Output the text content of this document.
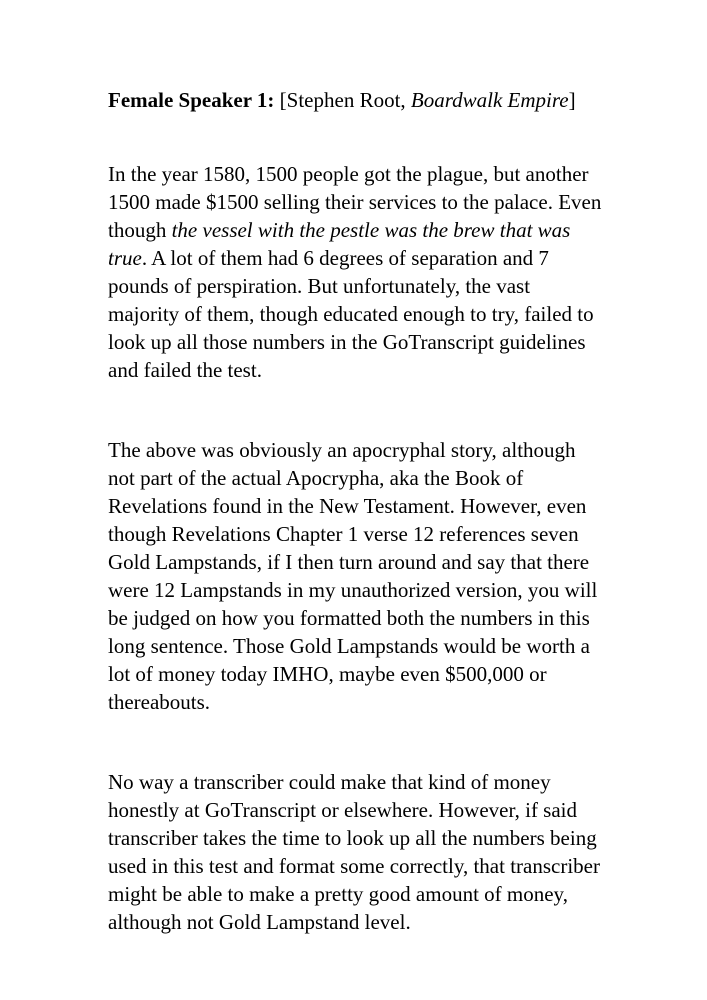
Female Speaker 1: [Stephen Root, Boardwalk Empire]

In the year 1580, 1500 people got the plague, but another 1500 made $1500 selling their services to the palace. Even though the vessel with the pestle was the brew that was true. A lot of them had 6 degrees of separation and 7 pounds of perspiration. But unfortunately, the vast majority of them, though educated enough to try, failed to look up all those numbers in the GoTranscript guidelines and failed the test.

The above was obviously an apocryphal story, although not part of the actual Apocrypha, aka the Book of Revelations found in the New Testament. However, even though Revelations Chapter 1 verse 12 references seven Gold Lampstands, if I then turn around and say that there were 12 Lampstands in my unauthorized version, you will be judged on how you formatted both the numbers in this long sentence. Those Gold Lampstands would be worth a lot of money today IMHO, maybe even $500,000 or thereabouts.

No way a transcriber could make that kind of money honestly at GoTranscript or elsewhere. However, if said transcriber takes the time to look up all the numbers being used in this test and format some correctly, that transcriber might be able to make a pretty good amount of money, although not Gold Lampstand level.
